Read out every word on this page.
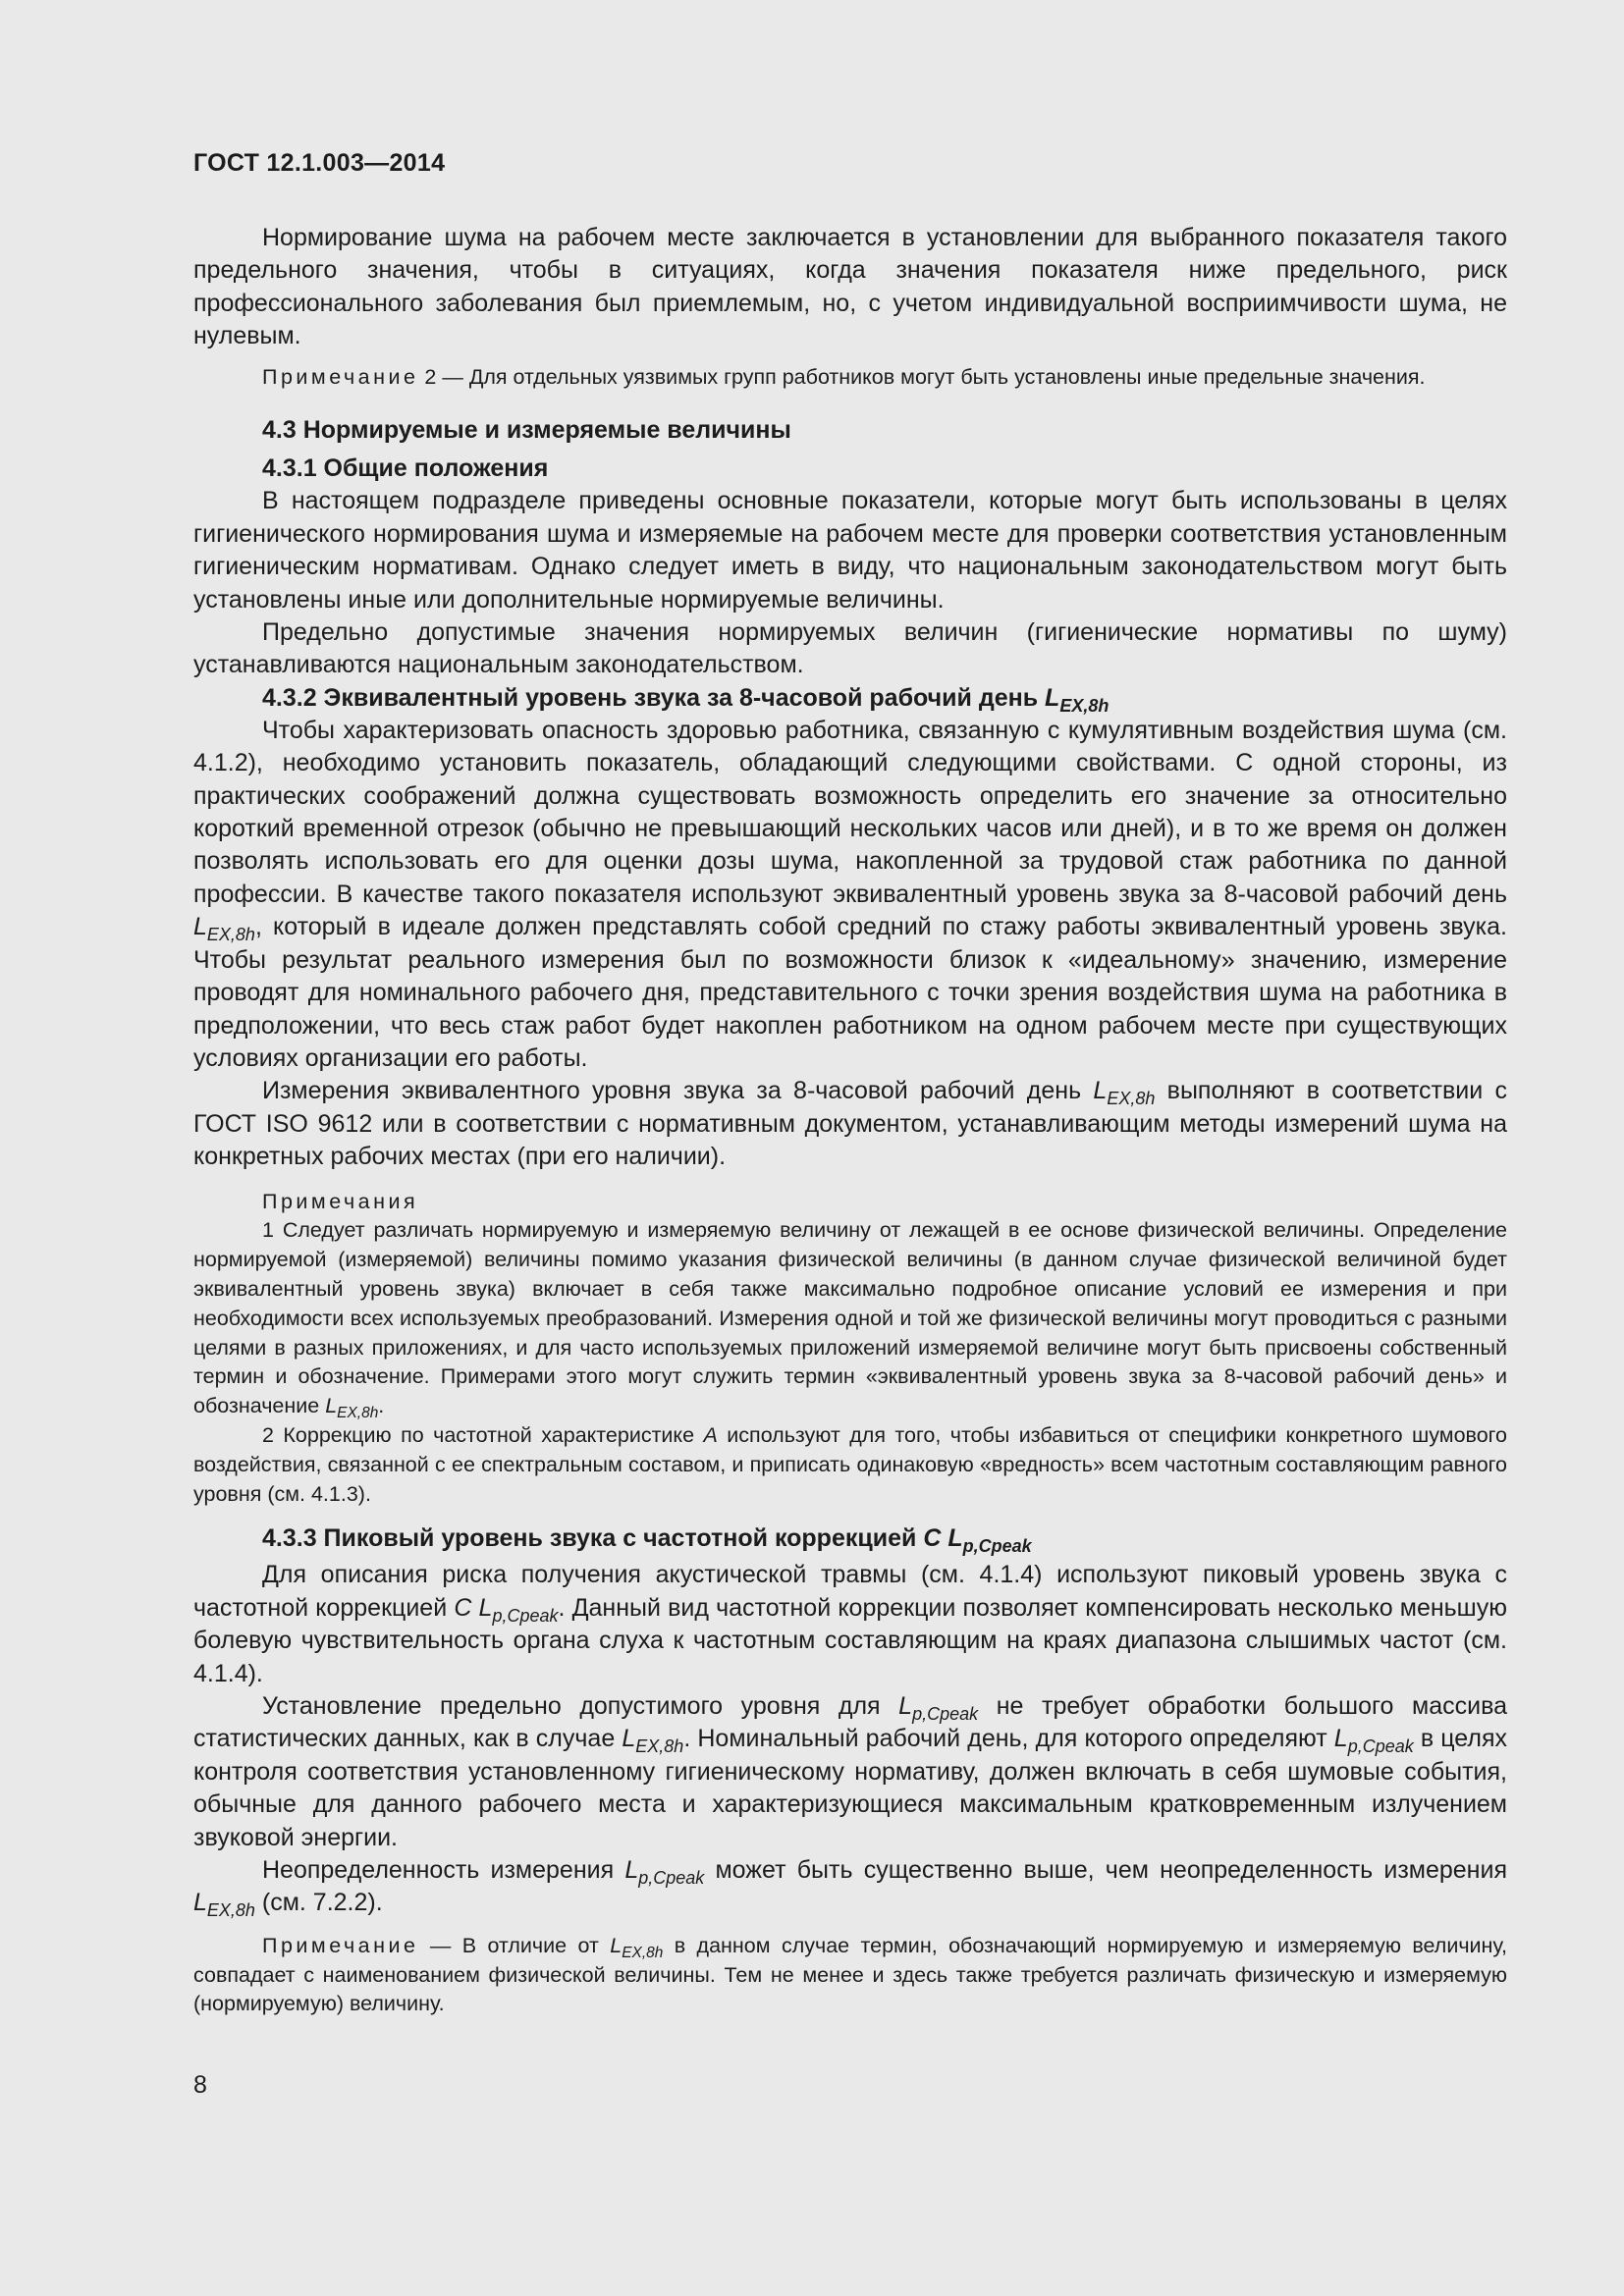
ГОСТ 12.1.003—2014

Нормирование шума на рабочем месте заключается в установлении для выбранного показателя такого предельного значения, чтобы в ситуациях, когда значения показателя ниже предельного, риск профессионального заболевания был приемлемым, но, с учетом индивидуальной восприимчивости шума, не нулевым.

Примечание 2 — Для отдельных уязвимых групп работников могут быть установлены иные предельные значения.

4.3 Нормируемые и измеряемые величины

4.3.1 Общие положения

В настоящем подразделе приведены основные показатели, которые могут быть использованы в целях гигиенического нормирования шума и измеряемые на рабочем месте для проверки соответствия установленным гигиеническим нормативам. Однако следует иметь в виду, что национальным законодательством могут быть установлены иные или дополнительные нормируемые величины.

Предельно допустимые значения нормируемых величин (гигиенические нормативы по шуму) устанавливаются национальным законодательством.

4.3.2 Эквивалентный уровень звука за 8-часовой рабочий день $L_{EX,8h}$

Чтобы характеризовать опасность здоровью работника, связанную с кумулятивным воздействия шума (см. 4.1.2), необходимо установить показатель, обладающий следующими свойствами. С одной стороны, из практических соображений должна существовать возможность определить его значение за относительно короткий временной отрезок (обычно не превышающий нескольких часов или дней), и в то же время он должен позволять использовать его для оценки дозы шума, накопленной за трудовой стаж работника по данной профессии. В качестве такого показателя используют эквивалентный уровень звука за 8-часовой рабочий день $L_{EX,8h}$, который в идеале должен представлять собой средний по стажу работы эквивалентный уровень звука. Чтобы результат реального измерения был по возможности близок к «идеальному» значению, измерение проводят для номинального рабочего дня, представительного с точки зрения воздействия шума на работника в предположении, что весь стаж работ будет накоплен работником на одном рабочем месте при существующих условиях организации его работы.

Измерения эквивалентного уровня звука за 8-часовой рабочий день $L_{EX,8h}$ выполняют в соответствии с ГОСТ ISO 9612 или в соответствии с нормативным документом, устанавливающим методы измерений шума на конкретных рабочих местах (при его наличии).

Примечания

1 Следует различать нормируемую и измеряемую величину от лежащей в ее основе физической величины. Определение нормируемой (измеряемой) величины помимо указания физической величины (в данном случае физической величиной будет эквивалентный уровень звука) включает в себя также максимально подробное описание условий ее измерения и при необходимости всех используемых преобразований. Измерения одной и той же физической величины могут проводиться с разными целями в разных приложениях, и для часто используемых приложений измеряемой величине могут быть присвоены собственный термин и обозначение. Примерами этого могут служить термин «эквивалентный уровень звука за 8-часовой рабочий день» и обозначение $L_{EX,8h}$.

2 Коррекцию по частотной характеристике А используют для того, чтобы избавиться от специфики конкретного шумового воздействия, связанной с ее спектральным составом, и приписать одинаковую «вредность» всем частотным составляющим равного уровня (см. 4.1.3).

4.3.3 Пиковый уровень звука с частотной коррекцией С $L_{p,Cpeak}$

Для описания риска получения акустической травмы (см. 4.1.4) используют пиковый уровень звука с частотной коррекцией С $L_{p,Cpeak}$. Данный вид частотной коррекции позволяет компенсировать несколько меньшую болевую чувствительность органа слуха к частотным составляющим на краях диапазона слышимых частот (см. 4.1.4).

Установление предельно допустимого уровня для $L_{p,Cpeak}$ не требует обработки большого массива статистических данных, как в случае $L_{EX,8h}$. Номинальный рабочий день, для которого определяют $L_{p,Cpeak}$ в целях контроля соответствия установленному гигиеническому нормативу, должен включать в себя шумовые события, обычные для данного рабочего места и характеризующиеся максимальным кратковременным излучением звуковой энергии.

Неопределенность измерения $L_{p,Cpeak}$ может быть существенно выше, чем неопределенность измерения $L_{EX,8h}$ (см. 7.2.2).

Примечание — В отличие от $L_{EX,8h}$ в данном случае термин, обозначающий нормируемую и измеряемую величину, совпадает с наименованием физической величины. Тем не менее и здесь также требуется различать физическую и измеряемую (нормируемую) величину.

8
